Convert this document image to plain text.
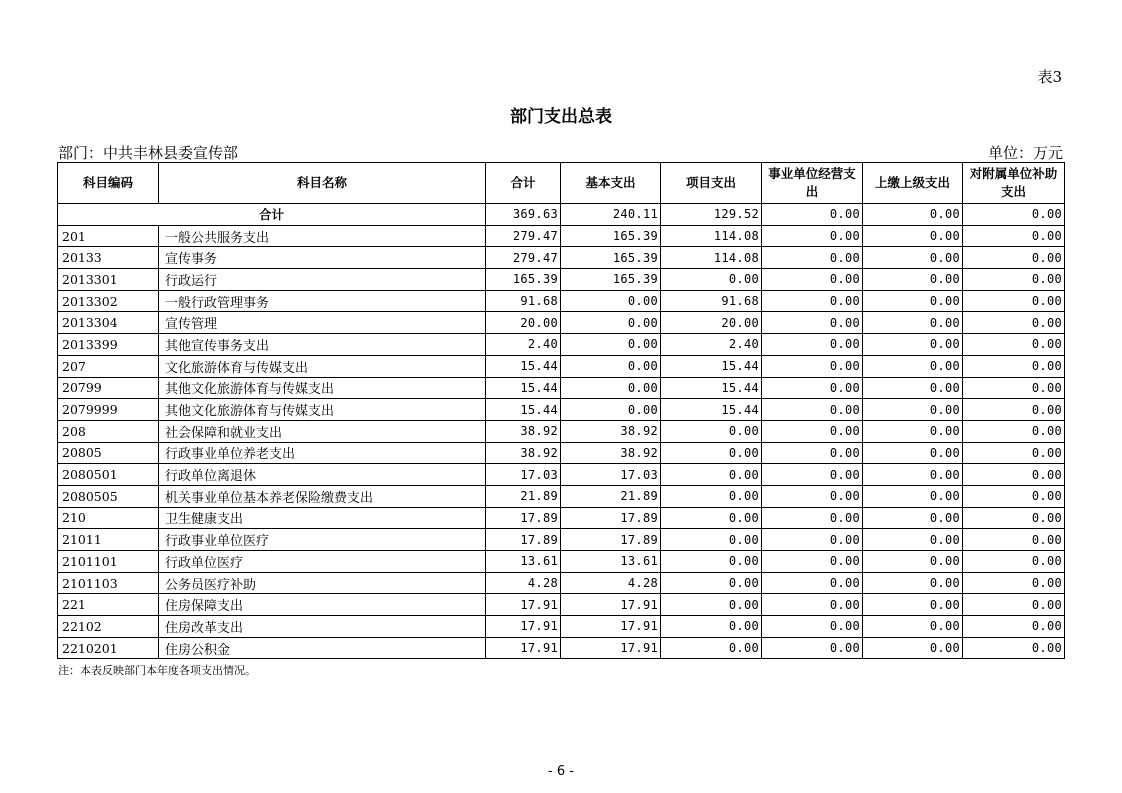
表3
部门支出总表
部门：中共丰林县委宣传部	单位：万元
科目编码	科目名称	合计	基本支出	项目支出	事业单位经营支出	上缴上级支出	对附属单位补助支出
合计		369.63	240.11	129.52	0.00	0.00	0.00
201	一般公共服务支出	279.47	165.39	114.08	0.00	0.00	0.00
20133	宣传事务	279.47	165.39	114.08	0.00	0.00	0.00
2013301	行政运行	165.39	165.39	0.00	0.00	0.00	0.00
2013302	一般行政管理事务	91.68	0.00	91.68	0.00	0.00	0.00
2013304	宣传管理	20.00	0.00	20.00	0.00	0.00	0.00
2013399	其他宣传事务支出	2.40	0.00	2.40	0.00	0.00	0.00
207	文化旅游体育与传媒支出	15.44	0.00	15.44	0.00	0.00	0.00
20799	其他文化旅游体育与传媒支出	15.44	0.00	15.44	0.00	0.00	0.00
2079999	其他文化旅游体育与传媒支出	15.44	0.00	15.44	0.00	0.00	0.00
208	社会保障和就业支出	38.92	38.92	0.00	0.00	0.00	0.00
20805	行政事业单位养老支出	38.92	38.92	0.00	0.00	0.00	0.00
2080501	行政单位离退休	17.03	17.03	0.00	0.00	0.00	0.00
2080505	机关事业单位基本养老保险缴费支出	21.89	21.89	0.00	0.00	0.00	0.00
210	卫生健康支出	17.89	17.89	0.00	0.00	0.00	0.00
21011	行政事业单位医疗	17.89	17.89	0.00	0.00	0.00	0.00
2101101	行政单位医疗	13.61	13.61	0.00	0.00	0.00	0.00
2101103	公务员医疗补助	4.28	4.28	0.00	0.00	0.00	0.00
221	住房保障支出	17.91	17.91	0.00	0.00	0.00	0.00
22102	住房改革支出	17.91	17.91	0.00	0.00	0.00	0.00
2210201	住房公积金	17.91	17.91	0.00	0.00	0.00	0.00
注：本表反映部门本年度各项支出情况。
- 6 -
